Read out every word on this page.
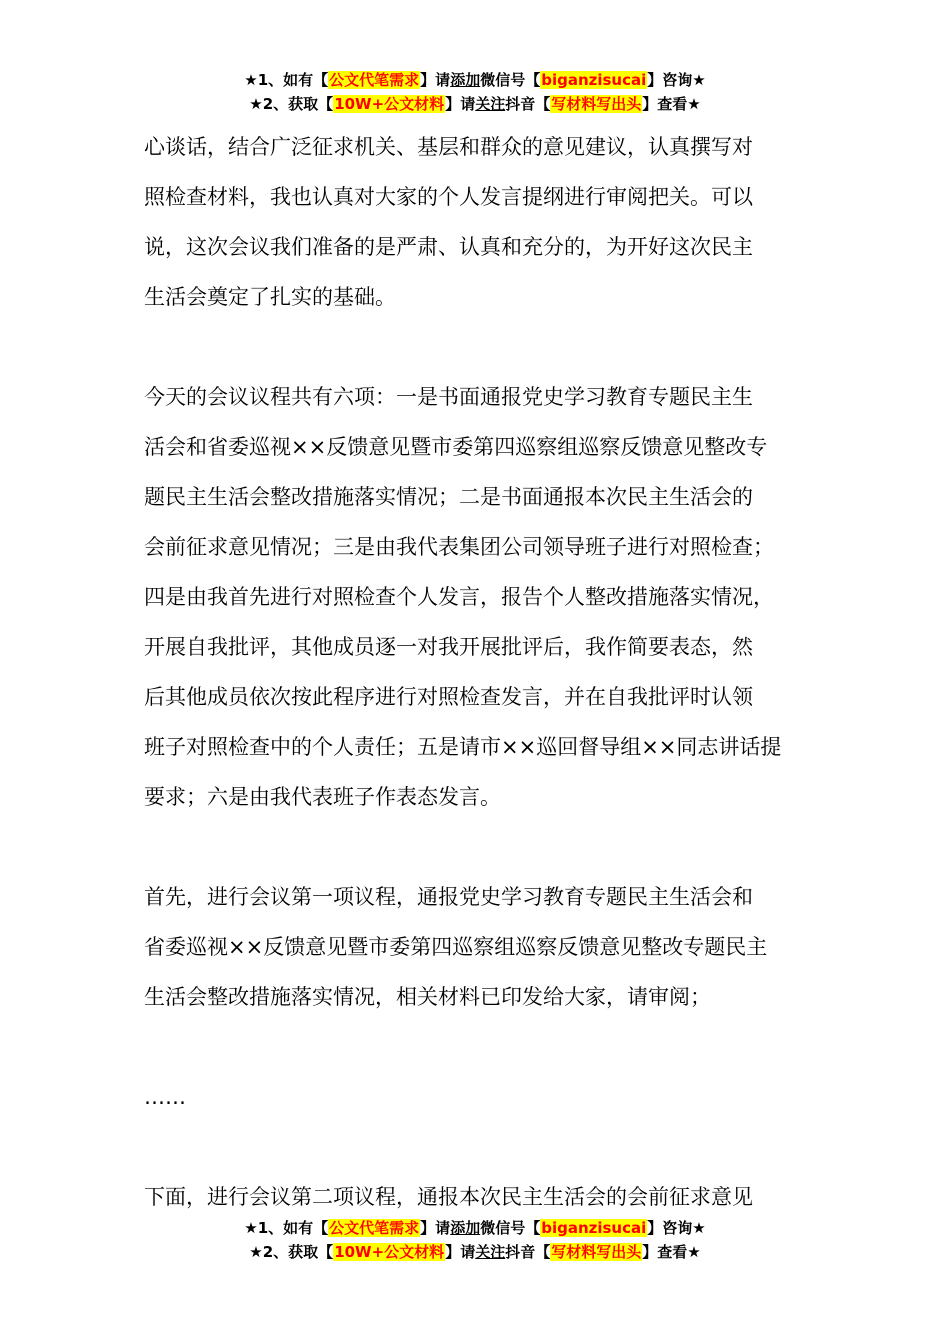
★1、如有【公文代笔需求】请添加微信号【biganzisucai】咨询★
★2、获取【10W+公文材料】请关注抖音【写材料写出头】查看★

心谈话，结合广泛征求机关、基层和群众的意见建议，认真撰写对

照检查材料，我也认真对大家的个人发言提纲进行审阅把关。可以

说，这次会议我们准备的是严肃、认真和充分的，为开好这次民主

生活会奠定了扎实的基础。

今天的会议议程共有六项：一是书面通报党史学习教育专题民主生

活会和省委巡视××反馈意见暨市委第四巡察组巡察反馈意见整改专

题民主生活会整改措施落实情况；二是书面通报本次民主生活会的

会前征求意见情况；三是由我代表集团公司领导班子进行对照检查；

四是由我首先进行对照检查个人发言，报告个人整改措施落实情况，

开展自我批评，其他成员逐一对我开展批评后，我作简要表态，然

后其他成员依次按此程序进行对照检查发言，并在自我批评时认领

班子对照检查中的个人责任；五是请市××巡回督导组××同志讲话提

要求；六是由我代表班子作表态发言。

首先，进行会议第一项议程，通报党史学习教育专题民主生活会和

省委巡视××反馈意见暨市委第四巡察组巡察反馈意见整改专题民主

生活会整改措施落实情况，相关材料已印发给大家，请审阅；

……

下面，进行会议第二项议程，通报本次民主生活会的会前征求意见

★1、如有【公文代笔需求】请添加微信号【biganzisucai】咨询★
★2、获取【10W+公文材料】请关注抖音【写材料写出头】查看★
